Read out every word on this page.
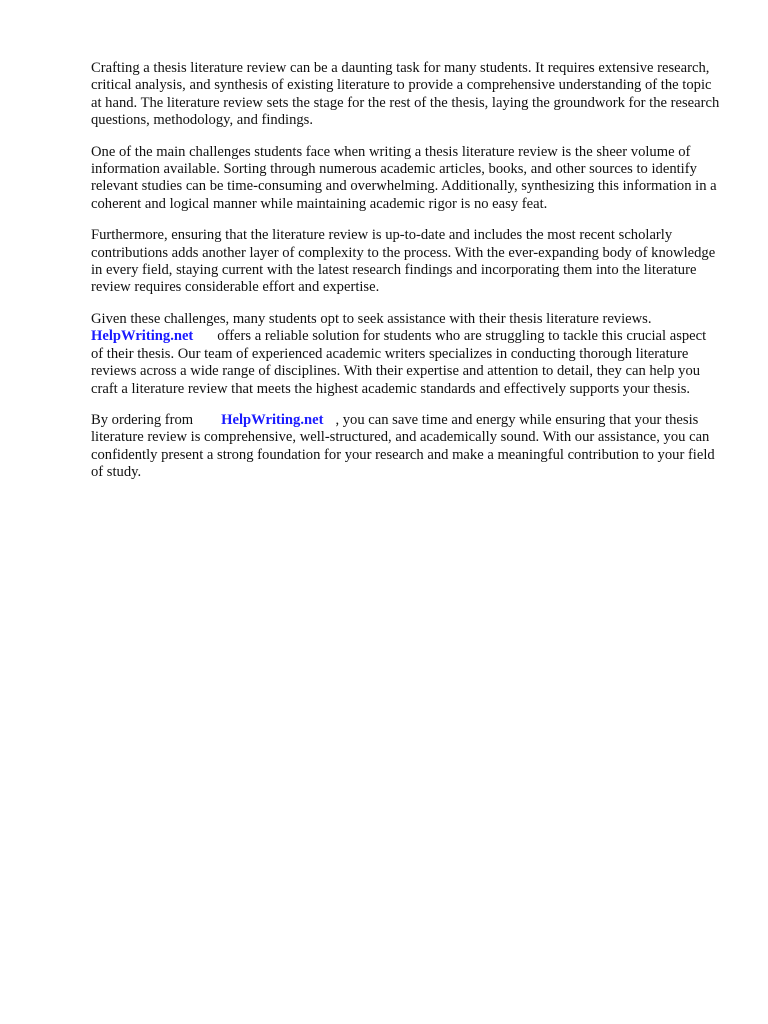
Crafting a thesis literature review can be a daunting task for many students. It requires extensive research, critical analysis, and synthesis of existing literature to provide a comprehensive understanding of the topic at hand. The literature review sets the stage for the rest of the thesis, laying the groundwork for the research questions, methodology, and findings.

One of the main challenges students face when writing a thesis literature review is the sheer volume of information available. Sorting through numerous academic articles, books, and other sources to identify relevant studies can be time-consuming and overwhelming. Additionally, synthesizing this information in a coherent and logical manner while maintaining academic rigor is no easy feat.

Furthermore, ensuring that the literature review is up-to-date and includes the most recent scholarly contributions adds another layer of complexity to the process. With the ever-expanding body of knowledge in every field, staying current with the latest research findings and incorporating them into the literature review requires considerable effort and expertise.

Given these challenges, many students opt to seek assistance with their thesis literature reviews.
HelpWriting.net offers a reliable solution for students who are struggling to tackle this crucial aspect of their thesis. Our team of experienced academic writers specializes in conducting thorough literature reviews across a wide range of disciplines. With their expertise and attention to detail, they can help you craft a literature review that meets the highest academic standards and effectively supports your thesis.

By ordering from HelpWriting.net , you can save time and energy while ensuring that your thesis literature review is comprehensive, well-structured, and academically sound. With our assistance, you can confidently present a strong foundation for your research and make a meaningful contribution to your field of study.
